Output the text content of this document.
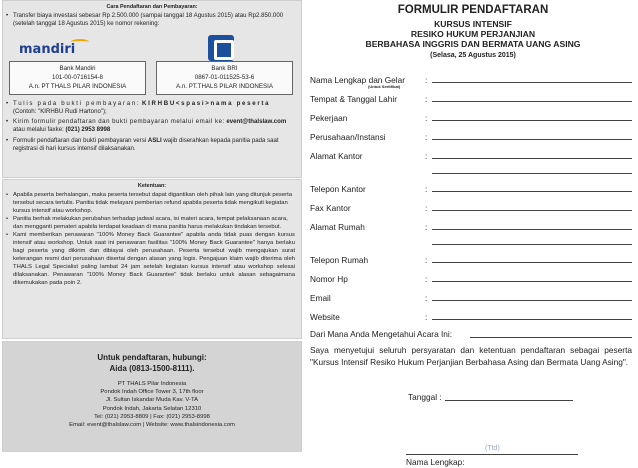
Cara Pendaftaran dan Pembayaran:
• Transfer biaya investasi sebesar Rp 2.500.000 (sampai tanggal 18 Agustus 2015) atau Rp2.850.000 (setelah tanggal 18 Agustus 2015) ke nomor rekening:
mandiri
Bank Mandiri
101-00-0716154-8
A.n. PT THALS PILAR INDONESIA
Bank BRI
0867-01-011525-53-6
A.n. PT.THALS PILAR INDONESIA
• Tulis pada bukti pembayaran: KIRHBU<spasi>nama peserta
(Contoh: "KIRHBU Rudi Hartono");
• Kirim formulir pendaftaran dan bukti pembayaran melalui email ke: event@thalslaw.com atau melalui faxke: (021) 2953 8998
• Formulir pendaftaran dan bukti pembayaran versi ASLI wajib diserahkan kepada panitia pada saat registrasi di hari kursus intensif dilaksanakan.
Ketentuan:
• Apabila peserta berhalangan, maka peserta tersebut dapat digantikan oleh pihak lain yang ditunjuk peserta tersebut secara tertulis. Panitia tidak melayani pemberian refund apabila peserta tidak mengikuti kegiatan kursus intensif atau workshop.
• Panitia berhak melakukan perubahan terhadap jadwal acara, isi materi acara, tempat pelaksanaan acara, dan mengganti pemateri apabila terdapat keadaan di mana panitia harus melakukan tindakan tersebut.
• Kami memberikan penawaran "100% Money Back Guarantee" apabila anda tidak puas dengan kursus intensif atau workshop. Untuk saat ini penawaran fasilitas "100% Money Back Guarantee" hanya berlaku bagi peserta yang dikirim dan dibiayai oleh perusahaan. Peserta tersebut wajib mengajukan surat keterangan resmi dari perusahaan disertai dengan alasan yang logis. Pengajuan klaim wajib diterima oleh THALS Legal Specialist paling lambat 24 jam setelah kegiatan kursus intensif atau workshop selesai dilaksanakan. Penawaran "100% Money Back Guarantee" tidak berlaku untuk alasan sebagaimana dikemukakan pada poin 2.
Untuk pendaftaran, hubungi:
Aida (0813-1500-8111).
PT THALS Pilar Indonesia
Pondok Indah Office Tower 3, 17th floor
Jl. Sultan Iskandar Muda Kav. V-TA
Pondok Indah, Jakarta Selatan 12310
Tel: (021) 2953-8809 | Fax: (021) 2953-8998
Email: event@thalslaw.com | Website: www.thalsindonesia.com
FORMULIR PENDAFTARAN
KURSUS INTENSIF
RESIKO HUKUM PERJANJIAN
BERBAHASA INGGRIS DAN BERMATA UANG ASING
(Selasa, 25 Agustus 2015)
Nama Lengkap dan Gelar
(Untuk Sertifikat)
:
Tempat & Tanggal Lahir	:
Pekerjaan	:
Perusahaan/Instansi	:
Alamat Kantor	:
Telepon Kantor	:
Fax Kantor	:
Alamat Rumah	:
Telepon Rumah	:
Nomor Hp	:
Email	:
Website	:
Dari Mana Anda Mengetahui Acara Ini:
Saya menyetujui seluruh persyaratan dan ketentuan pendaftaran sebagai peserta "Kursus Intensif Resiko Hukum Perjanjian Berbahasa Asing dan Bermata Uang Asing".
Tanggal :
(Ttd)
Nama Lengkap:
